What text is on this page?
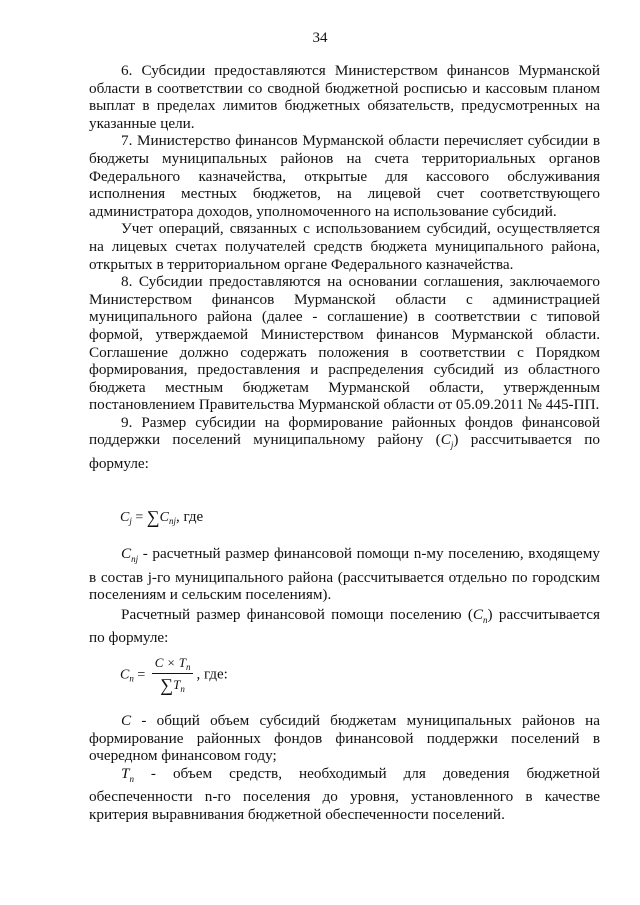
34

6. Субсидии предоставляются Министерством финансов Мурманской области в соответствии со сводной бюджетной росписью и кассовым планом выплат в пределах лимитов бюджетных обязательств, предусмотренных на указанные цели.

7. Министерство финансов Мурманской области перечисляет субсидии в бюджеты муниципальных районов на счета территориальных органов Федерального казначейства, открытые для кассового обслуживания исполнения местных бюджетов, на лицевой счет соответствующего администратора доходов, уполномоченного на использование субсидий.

Учет операций, связанных с использованием субсидий, осуществляется на лицевых счетах получателей средств бюджета муниципального района, открытых в территориальном органе Федерального казначейства.

8. Субсидии предоставляются на основании соглашения, заключаемого Министерством финансов Мурманской области с администрацией муниципального района (далее - соглашение) в соответствии с типовой формой, утверждаемой Министерством финансов Мурманской области. Соглашение должно содержать положения в соответствии с Порядком формирования, предоставления и распределения субсидий из областного бюджета местным бюджетам Мурманской области, утвержденным постановлением Правительства Мурманской области от 05.09.2011 № 445-ПП.

9. Размер субсидии на формирование районных фондов финансовой поддержки поселений муниципальному району $(C_j)$ рассчитывается по формуле:

$C_j = \sum C_{nj}$, где

$C_{nj}$ - расчетный размер финансовой помощи n-му поселению, входящему в состав j-го муниципального района (рассчитывается отдельно по городским поселениям и сельским поселениям).

Расчетный размер финансовой помощи поселению $(C_n)$ рассчитывается по формуле:

$C_n = \frac{C \times T_n}{\sum T_n}$ , где:

C - общий объем субсидий бюджетам муниципальных районов на формирование районных фондов финансовой поддержки поселений в очередном финансовом году;

$T_n$ - объем средств, необходимый для доведения бюджетной обеспеченности n-го поселения до уровня, установленного в качестве критерия выравнивания бюджетной обеспеченности поселений.
